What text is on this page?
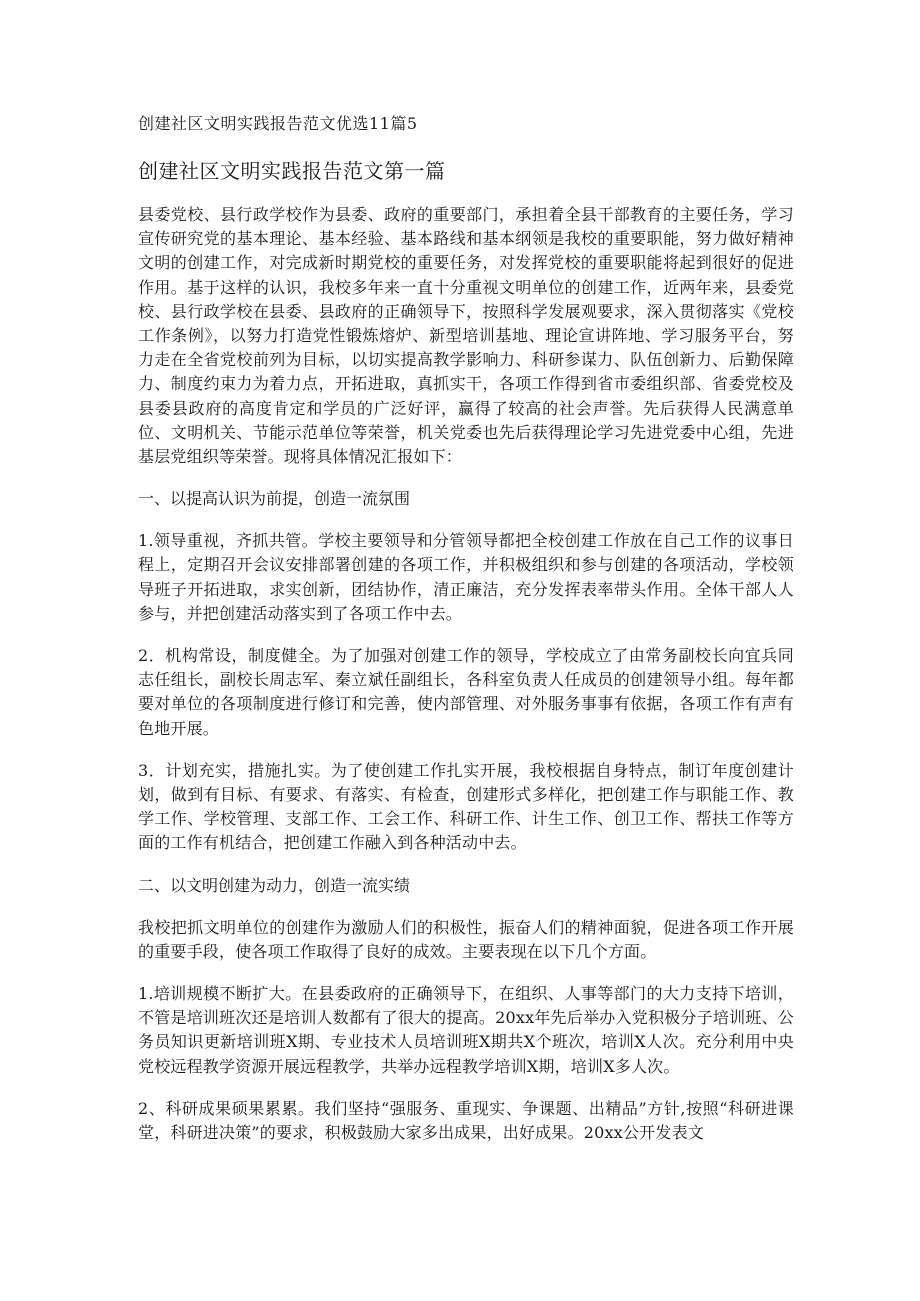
创建社区文明实践报告范文优选11篇5
创建社区文明实践报告范文第一篇

县委党校、县行政学校作为县委、政府的重要部门，承担着全县干部教育的主要任务，学习宣传研究党的基本理论、基本经验、基本路线和基本纲领是我校的重要职能，努力做好精神文明的创建工作，对完成新时期党校的重要任务，对发挥党校的重要职能将起到很好的促进作用。基于这样的认识，我校多年来一直十分重视文明单位的创建工作，近两年来，县委党校、县行政学校在县委、县政府的正确领导下，按照科学发展观要求，深入贯彻落实《党校工作条例》，以努力打造党性锻炼熔炉、新型培训基地、理论宣讲阵地、学习服务平台，努力走在全省党校前列为目标，以切实提高教学影响力、科研参谋力、队伍创新力、后勤保障力、制度约束力为着力点，开拓进取，真抓实干，各项工作得到省市委组织部、省委党校及县委县政府的高度肯定和学员的广泛好评，赢得了较高的社会声誉。先后获得人民满意单位、文明机关、节能示范单位等荣誉，机关党委也先后获得理论学习先进党委中心组，先进基层党组织等荣誉。现将具体情况汇报如下：

一、以提高认识为前提，创造一流氛围

1.领导重视，齐抓共管。学校主要领导和分管领导都把全校创建工作放在自己工作的议事日程上，定期召开会议安排部署创建的各项工作，并积极组织和参与创建的各项活动，学校领导班子开拓进取，求实创新，团结协作，清正廉洁，充分发挥表率带头作用。全体干部人人参与，并把创建活动落实到了各项工作中去。

2．机构常设，制度健全。为了加强对创建工作的领导，学校成立了由常务副校长向宜兵同志任组长，副校长周志军、秦立斌任副组长，各科室负责人任成员的创建领导小组。每年都要对单位的各项制度进行修订和完善，使内部管理、对外服务事事有依据，各项工作有声有色地开展。

3．计划充实，措施扎实。为了使创建工作扎实开展，我校根据自身特点，制订年度创建计划，做到有目标、有要求、有落实、有检查，创建形式多样化，把创建工作与职能工作、教学工作、学校管理、支部工作、工会工作、科研工作、计生工作、创卫工作、帮扶工作等方面的工作有机结合，把创建工作融入到各种活动中去。

二、以文明创建为动力，创造一流实绩

我校把抓文明单位的创建作为激励人们的积极性，振奋人们的精神面貌，促进各项工作开展的重要手段，使各项工作取得了良好的成效。主要表现在以下几个方面。

1.培训规模不断扩大。在县委政府的正确领导下，在组织、人事等部门的大力支持下培训，不管是培训班次还是培训人数都有了很大的提高。20xx年先后举办入党积极分子培训班、公务员知识更新培训班X期、专业技术人员培训班X期共X个班次，培训X人次。充分利用中央党校远程教学资源开展远程教学，共举办远程教学培训X期，培训X多人次。

2、科研成果硕果累累。我们坚持“强服务、重现实、争课题、出精品”方针,按照“科研进课堂，科研进决策”的要求，积极鼓励大家多出成果，出好成果。20xx公开发表文
